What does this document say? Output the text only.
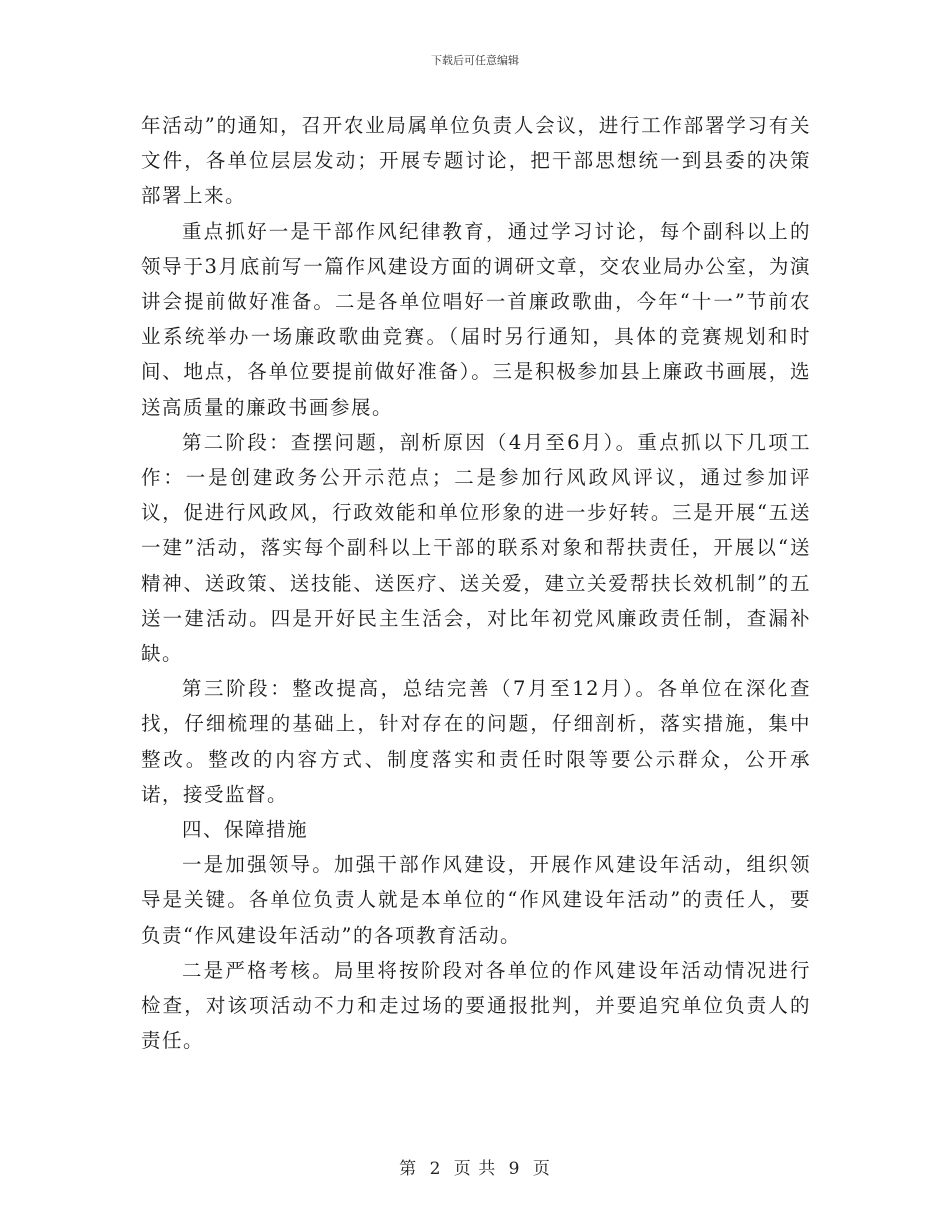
下载后可任意编辑

年活动”的通知，召开农业局属单位负责人会议，进行工作部署学习有关文件，各单位层层发动；开展专题讨论，把干部思想统一到县委的决策部署上来。

重点抓好一是干部作风纪律教育，通过学习讨论，每个副科以上的领导于3月底前写一篇作风建设方面的调研文章，交农业局办公室，为演讲会提前做好准备。二是各单位唱好一首廉政歌曲，今年“十一”节前农业系统举办一场廉政歌曲竞赛。（届时另行通知，具体的竞赛规划和时间、地点，各单位要提前做好准备）。三是积极参加县上廉政书画展，选送高质量的廉政书画参展。

第二阶段：查摆问题，剖析原因（4月至6月）。重点抓以下几项工作：一是创建政务公开示范点；二是参加行风政风评议，通过参加评议，促进行风政风，行政效能和单位形象的进一步好转。三是开展“五送一建”活动，落实每个副科以上干部的联系对象和帮扶责任，开展以“送精神、送政策、送技能、送医疗、送关爱，建立关爱帮扶长效机制”的五送一建活动。四是开好民主生活会，对比年初党风廉政责任制，查漏补缺。

第三阶段：整改提高，总结完善（7月至12月）。各单位在深化查找，仔细梳理的基础上，针对存在的问题，仔细剖析，落实措施，集中整改。整改的内容方式、制度落实和责任时限等要公示群众，公开承诺，接受监督。

四、保障措施

一是加强领导。加强干部作风建设，开展作风建设年活动，组织领导是关键。各单位负责人就是本单位的“作风建设年活动”的责任人，要负责“作风建设年活动”的各项教育活动。

二是严格考核。局里将按阶段对各单位的作风建设年活动情况进行检查，对该项活动不力和走过场的要通报批判，并要追究单位负责人的责任。

第 2 页 共 9 页
